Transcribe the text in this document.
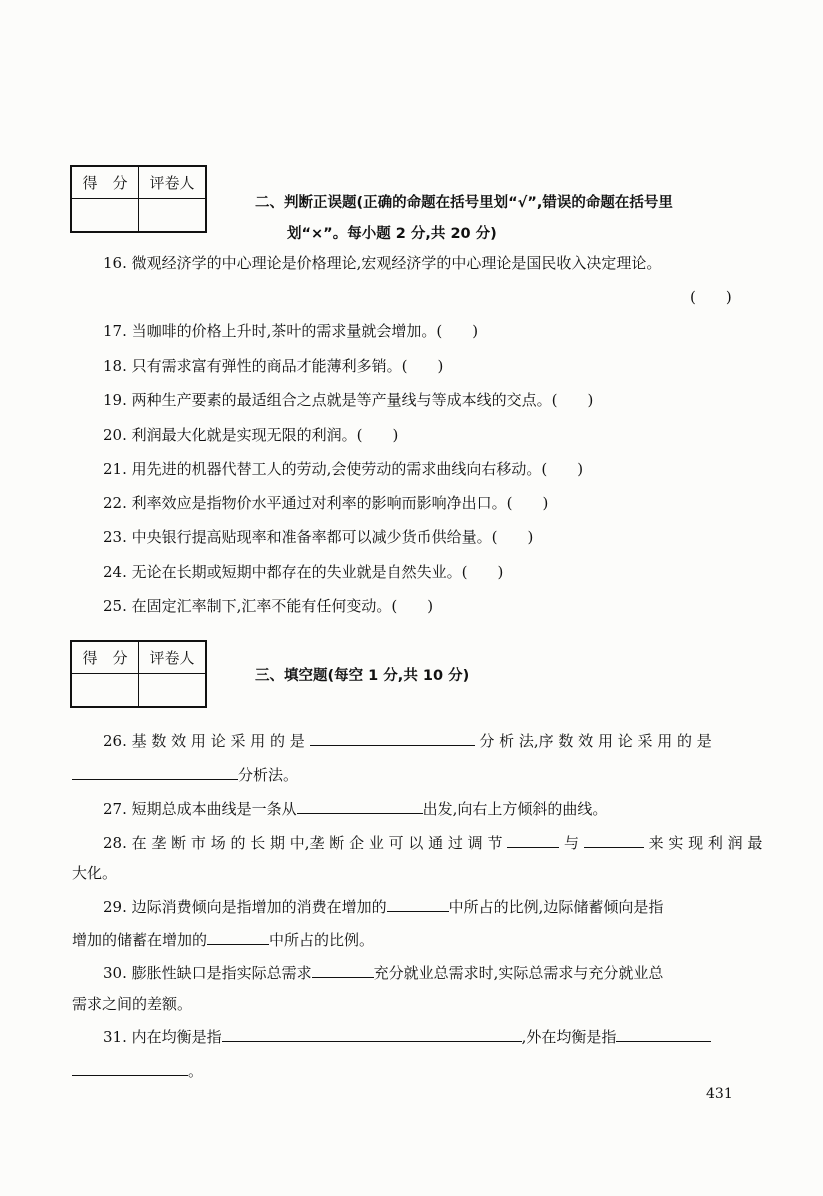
得　分	评卷人

二、判断正误题(正确的命题在括号里划“√”,错误的命题在括号里
划“×”。每小题 2 分,共 20 分)
16. 微观经济学的中心理论是价格理论,宏观经济学的中心理论是国民收入决定理论。
(　　)
17. 当咖啡的价格上升时,茶叶的需求量就会增加。(　　)
18. 只有需求富有弹性的商品才能薄利多销。(　　)
19. 两种生产要素的最适组合之点就是等产量线与等成本线的交点。(　　)
20. 利润最大化就是实现无限的利润。(　　)
21. 用先进的机器代替工人的劳动,会使劳动的需求曲线向右移动。(　　)
22. 利率效应是指物价水平通过对利率的影响而影响净出口。(　　)
23. 中央银行提高贴现率和准备率都可以减少货币供给量。(　　)
24. 无论在长期或短期中都存在的失业就是自然失业。(　　)
25. 在固定汇率制下,汇率不能有任何变动。(　　)
得　分	评卷人

三、填空题(每空 1 分,共 10 分)
26. 基 数 效 用 论 采 用 的 是	分 析 法,序 数 效 用 论 采 用 的 是
分析法。
27. 短期总成本曲线是一条从	出发,向右上方倾斜的曲线。
28. 在 垄 断 市 场 的 长 期 中,垄 断 企 业 可 以 通 过 调 节	与	来 实 现 利 润 最
大化。
29. 边际消费倾向是指增加的消费在增加的	中所占的比例,边际储蓄倾向是指
增加的储蓄在增加的	中所占的比例。
30. 膨胀性缺口是指实际总需求	充分就业总需求时,实际总需求与充分就业总
需求之间的差额。
31. 内在均衡是指	,外在均衡是指
。
431
